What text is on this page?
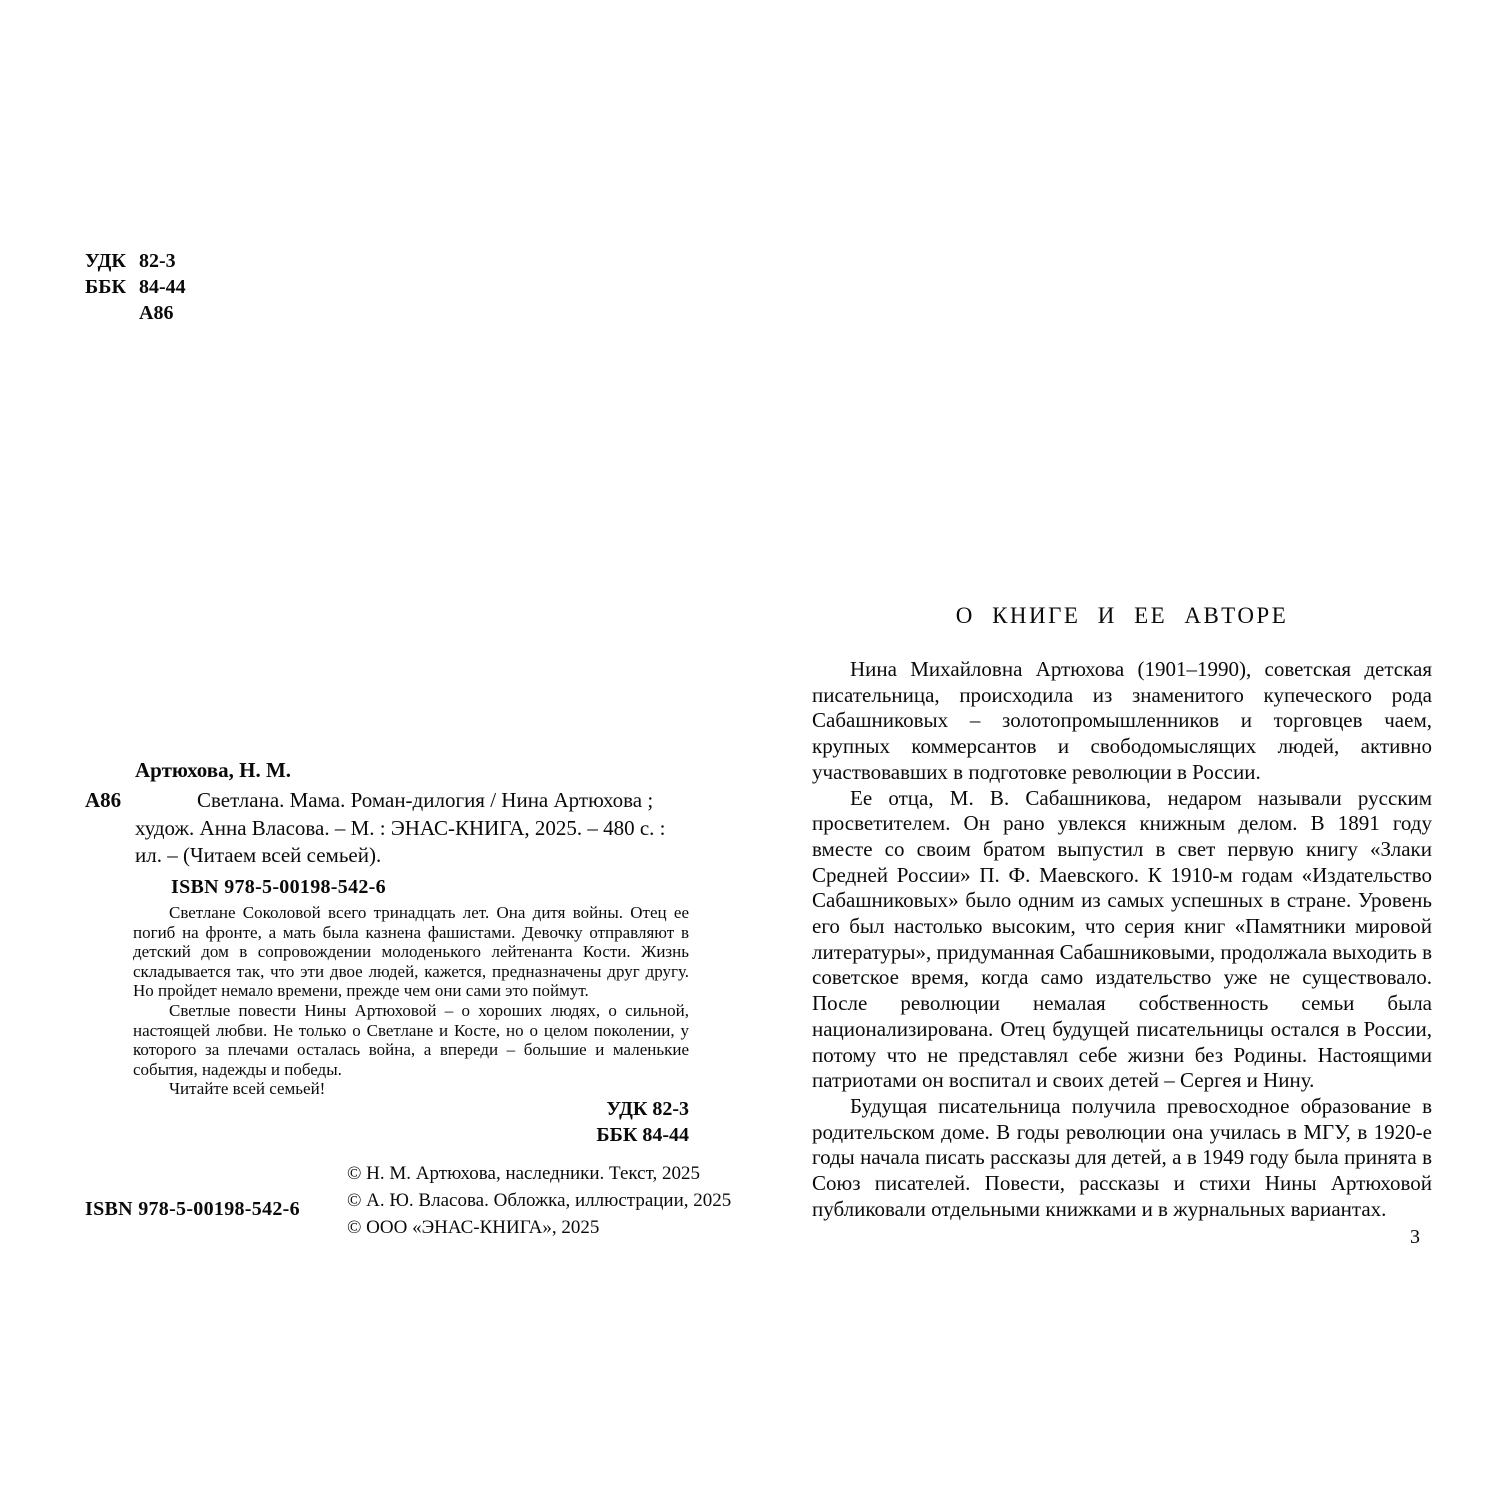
УДК 82-3
ББК 84-44
А86
Артюхова, Н. М.
А86	Светлана. Мама. Роман-дилогия / Нина Артюхова ; худож. Анна Власова. – М. : ЭНАС-КНИГА, 2025. – 480 с. : ил. – (Читаем всей семьей).
ISBN 978-5-00198-542-6

Светлане Соколовой всего тринадцать лет. Она дитя войны. Отец ее погиб на фронте, а мать была казнена фашистами. Девочку отправляют в детский дом в сопровождении молоденького лейтенанта Кости. Жизнь складывается так, что эти двое людей, кажется, предназначены друг другу. Но пройдет немало времени, прежде чем они сами это поймут.

Светлые повести Нины Артюховой – о хороших людях, о сильной, настоящей любви. Не только о Светлане и Косте, но о целом поколении, у которого за плечами осталась война, а впереди – большие и маленькие события, надежды и победы.

Читайте всей семьей!

УДК 82-3
ББК 84-44
© Н. М. Артюхова, наследники. Текст, 2025
© А. Ю. Власова. Обложка, иллюстрации, 2025
© ООО «ЭНАС-КНИГА», 2025
ISBN 978-5-00198-542-6
О КНИГЕ И ЕЕ АВТОРЕ

Нина Михайловна Артюхова (1901–1990), советская детская писательница, происходила из знаменитого купеческого рода Сабашниковых – золотопромышленников и торговцев чаем, крупных коммерсантов и свободомыслящих людей, активно участвовавших в подготовке революции в России.

Ее отца, М. В. Сабашникова, недаром называли русским просветителем. Он рано увлекся книжным делом. В 1891 году вместе со своим братом выпустил в свет первую книгу «Злаки Средней России» П. Ф. Маевского. К 1910-м годам «Издательство Сабашниковых» было одним из самых успешных в стране. Уровень его был настолько высоким, что серия книг «Памятники мировой литературы», придуманная Сабашниковыми, продолжала выходить в советское время, когда само издательство уже не существовало. После революции немалая собственность семьи была национализирована. Отец будущей писательницы остался в России, потому что не представлял себе жизни без Родины. Настоящими патриотами он воспитал и своих детей – Сергея и Нину.

Будущая писательница получила превосходное образование в родительском доме. В годы революции она училась в МГУ, в 1920-е годы начала писать рассказы для детей, а в 1949 году была принята в Союз писателей. Повести, рассказы и стихи Нины Артюховой публиковали отдельными книжками и в журнальных вариантах.

3
